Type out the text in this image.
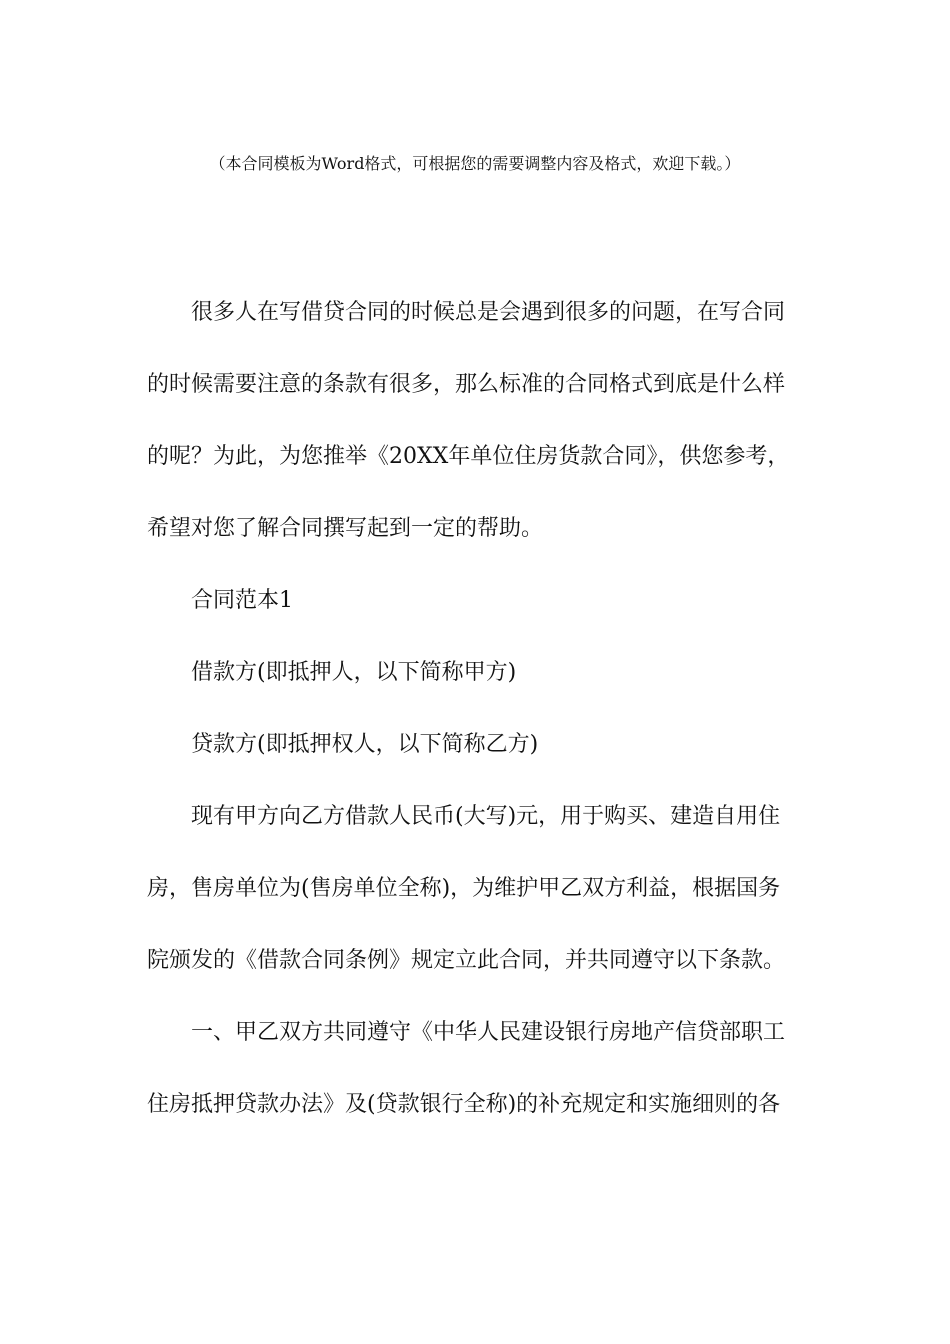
（本合同模板为Word格式，可根据您的需要调整内容及格式，欢迎下载。）
很多人在写借贷合同的时候总是会遇到很多的问题，在写合同
的时候需要注意的条款有很多，那么标准的合同格式到底是什么样
的呢？为此，为您推举《20XX年单位住房货款合同》，供您参考，
希望对您了解合同撰写起到一定的帮助。
合同范本1
借款方(即抵押人，以下简称甲方)
贷款方(即抵押权人，以下简称乙方)
现有甲方向乙方借款人民币(大写)元，用于购买、建造自用住
房，售房单位为(售房单位全称)，为维护甲乙双方利益，根据国务
院颁发的《借款合同条例》规定立此合同，并共同遵守以下条款。
一、甲乙双方共同遵守《中华人民建设银行房地产信贷部职工
住房抵押贷款办法》及(贷款银行全称)的补充规定和实施细则的各
